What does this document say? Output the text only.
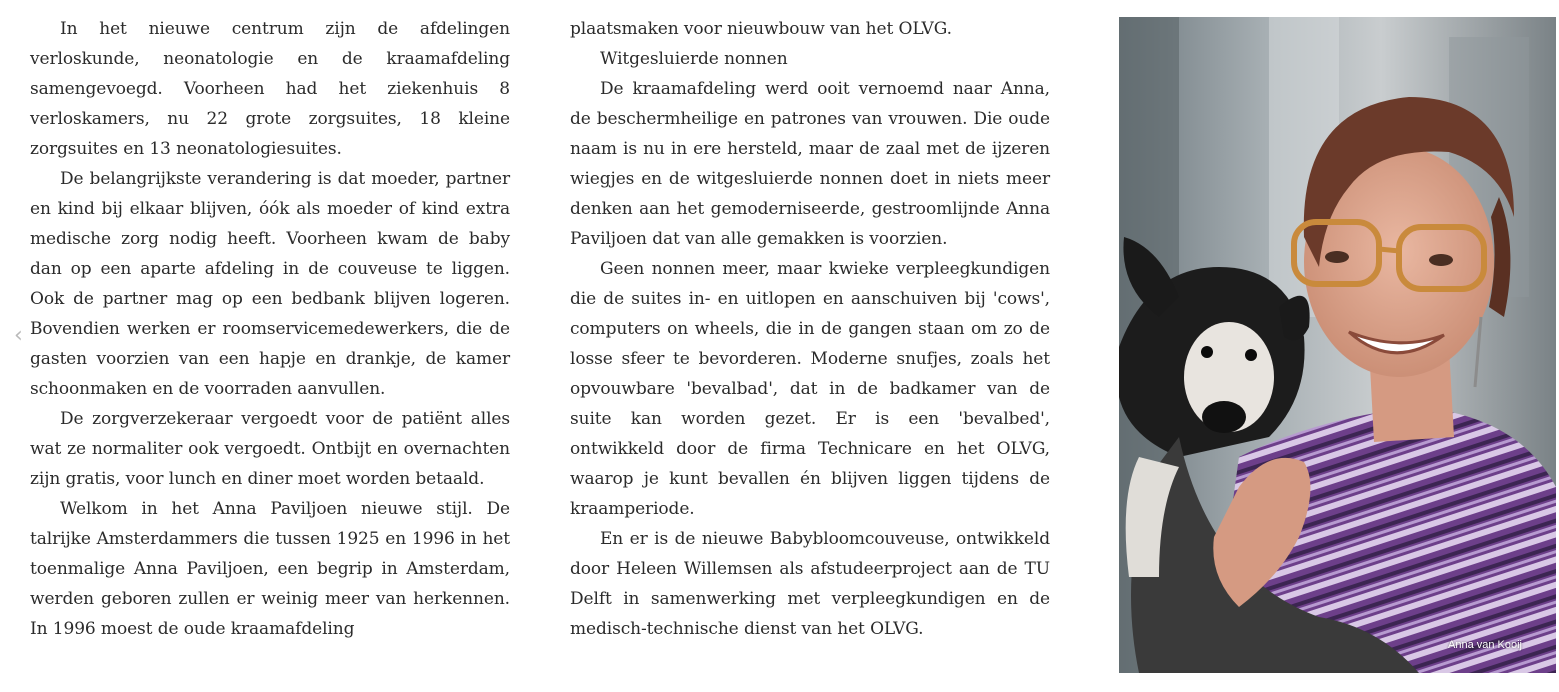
‹

In het nieuwe centrum zijn de afdelingen verloskunde, neonatologie en de kraamafdeling samengevoegd. Voorheen had het ziekenhuis 8 verloskamers, nu 22 grote zorgsuites, 18 kleine zorgsuites en 13 neonatologiesuites.

De belangrijkste verandering is dat moeder, partner en kind bij elkaar blijven, óók als moeder of kind extra medische zorg nodig heeft. Voorheen kwam de baby dan op een aparte afdeling in de couveuse te liggen. Ook de partner mag op een bedbank blijven logeren. Bovendien werken er roomservicemedewerkers, die de gasten voorzien van een hapje en drankje, de kamer schoonmaken en de voorraden aanvullen.

De zorgverzekeraar vergoedt voor de patiënt alles wat ze normaliter ook vergoedt. Ontbijt en overnachten zijn gratis, voor lunch en diner moet worden betaald.

Welkom in het Anna Paviljoen nieuwe stijl. De talrijke Amsterdammers die tussen 1925 en 1996 in het toenmalige Anna Paviljoen, een begrip in Amsterdam, werden geboren zullen er weinig meer van herkennen. In 1996 moest de oude kraamafdeling

plaatsmaken voor nieuwbouw van het OLVG.

Witgesluierde nonnen

De kraamafdeling werd ooit vernoemd naar Anna, de beschermheilige en patrones van vrouwen. Die oude naam is nu in ere hersteld, maar de zaal met de ijzeren wiegjes en de witgesluierde nonnen doet in niets meer denken aan het gemoderniseerde, gestroomlijnde Anna Paviljoen dat van alle gemakken is voorzien.

Geen nonnen meer, maar kwieke verpleegkundigen die de suites in- en uitlopen en aanschuiven bij 'cows', computers on wheels, die in de gangen staan om zo de losse sfeer te bevorderen. Moderne snufjes, zoals het opvouwbare 'bevalbad', dat in de badkamer van de suite kan worden gezet. Er is een 'bevalbed', ontwikkeld door de firma Technicare en het OLVG, waarop je kunt bevallen én blijven liggen tijdens de kraamperiode.

En er is de nieuwe Babybloomcouveuse, ontwikkeld door Heleen Willemsen als afstudeerproject aan de TU Delft in samenwerking met verpleegkundigen en de medisch-technische dienst van het OLVG.

Anna van Kooij
